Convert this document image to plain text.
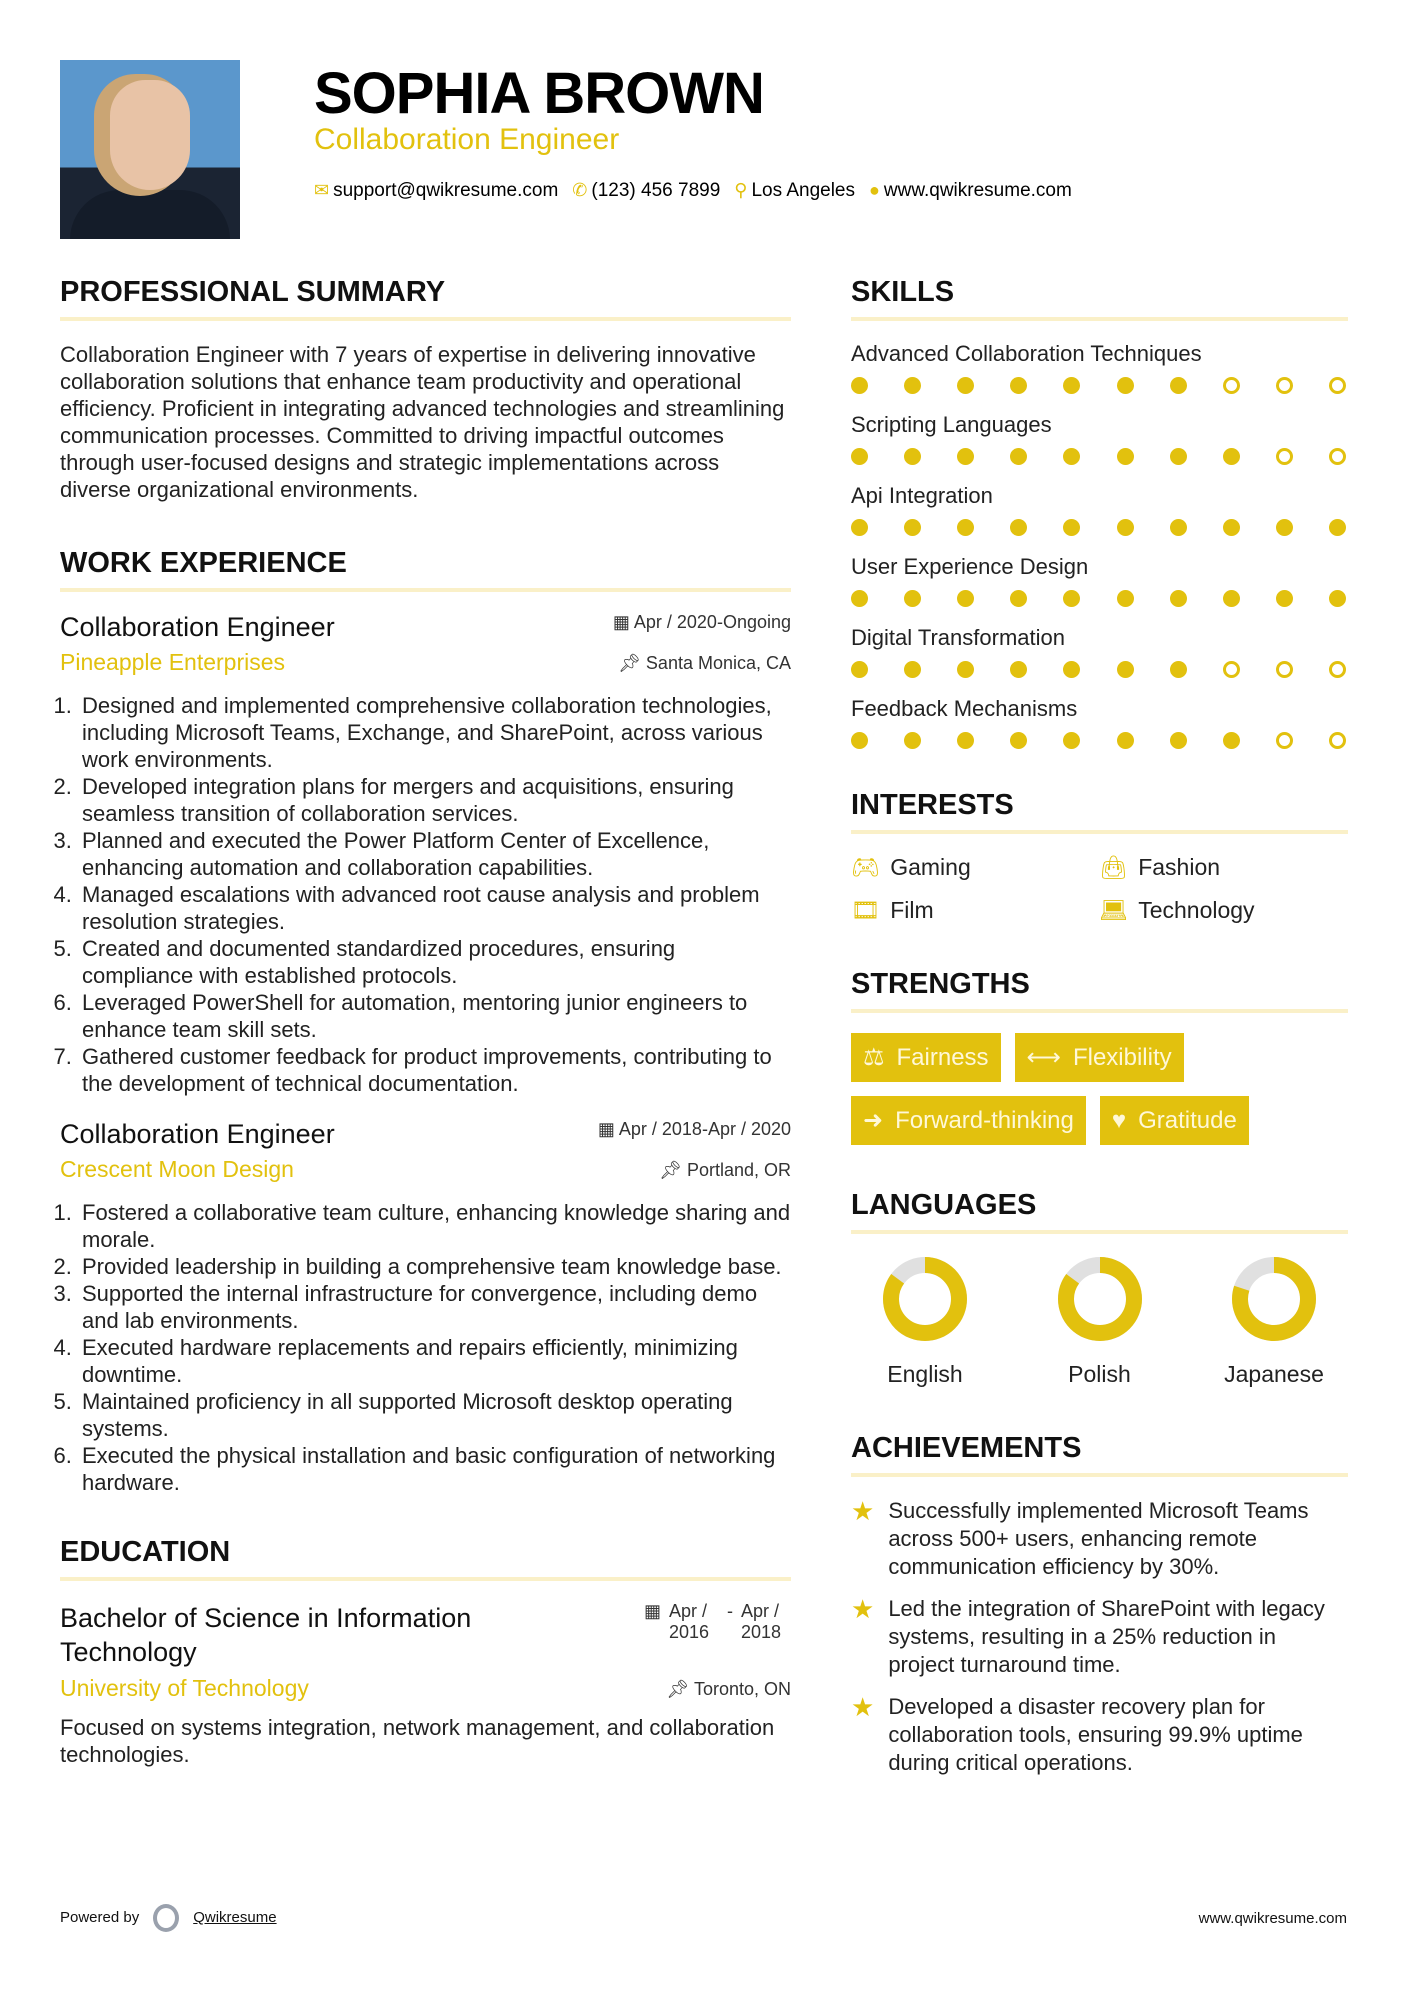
SOPHIA BROWN
Collaboration Engineer
✉ support@qwikresume.com ✆ (123) 456 7899 ⚲ Los Angeles ● www.qwikresume.com
PROFESSIONAL SUMMARY

Collaboration Engineer with 7 years of expertise in delivering innovative collaboration solutions that enhance team productivity and operational efficiency. Proficient in integrating advanced technologies and streamlining communication processes. Committed to driving impactful outcomes through user-focused designs and strategic implementations across diverse organizational environments.

WORK EXPERIENCE
Collaboration Engineer	▦ Apr / 2020-Ongoing
Pineapple Enterprises	📌︎ Santa Monica, CA
1. Designed and implemented comprehensive collaboration technologies, including Microsoft Teams, Exchange, and SharePoint, across various work environments.
2. Developed integration plans for mergers and acquisitions, ensuring seamless transition of collaboration services.
3. Planned and executed the Power Platform Center of Excellence, enhancing automation and collaboration capabilities.
4. Managed escalations with advanced root cause analysis and problem resolution strategies.
5. Created and documented standardized procedures, ensuring compliance with established protocols.
6. Leveraged PowerShell for automation, mentoring junior engineers to enhance team skill sets.
7. Gathered customer feedback for product improvements, contributing to the development of technical documentation.
Collaboration Engineer	▦ Apr / 2018-Apr / 2020
Crescent Moon Design	📌︎ Portland, OR
1. Fostered a collaborative team culture, enhancing knowledge sharing and morale.
2. Provided leadership in building a comprehensive team knowledge base.
3. Supported the internal infrastructure for convergence, including demo and lab environments.
4. Executed hardware replacements and repairs efficiently, minimizing downtime.
5. Maintained proficiency in all supported Microsoft desktop operating systems.
6. Executed the physical installation and basic configuration of networking hardware.
EDUCATION
Bachelor of Science in Information Technology
▦ Apr / 2016
- Apr / 2018
University of Technology	📌︎ Toronto, ON

Focused on systems integration, network management, and collaboration technologies.

SKILLS
Advanced Collaboration Techniques
Scripting Languages
Api Integration
User Experience Design
Digital Transformation
Feedback Mechanisms
INTERESTS
🎮︎ Gaming	👜︎ Fashion
🎞︎ Film	💻︎ Technology
STRENGTHS
⚖ Fairness ⟷ Flexibility
➜ Forward-thinking ♥ Gratitude
LANGUAGES
English	Polish	Japanese
ACHIEVEMENTS
★ Successfully implemented Microsoft Teams across 500+ users, enhancing remote communication efficiency by 30%.
★ Led the integration of SharePoint with legacy systems, resulting in a 25% reduction in project turnaround time.
★ Developed a disaster recovery plan for collaboration tools, ensuring 99.9% uptime during critical operations.
Powered by	Qwikresume	www.qwikresume.com
